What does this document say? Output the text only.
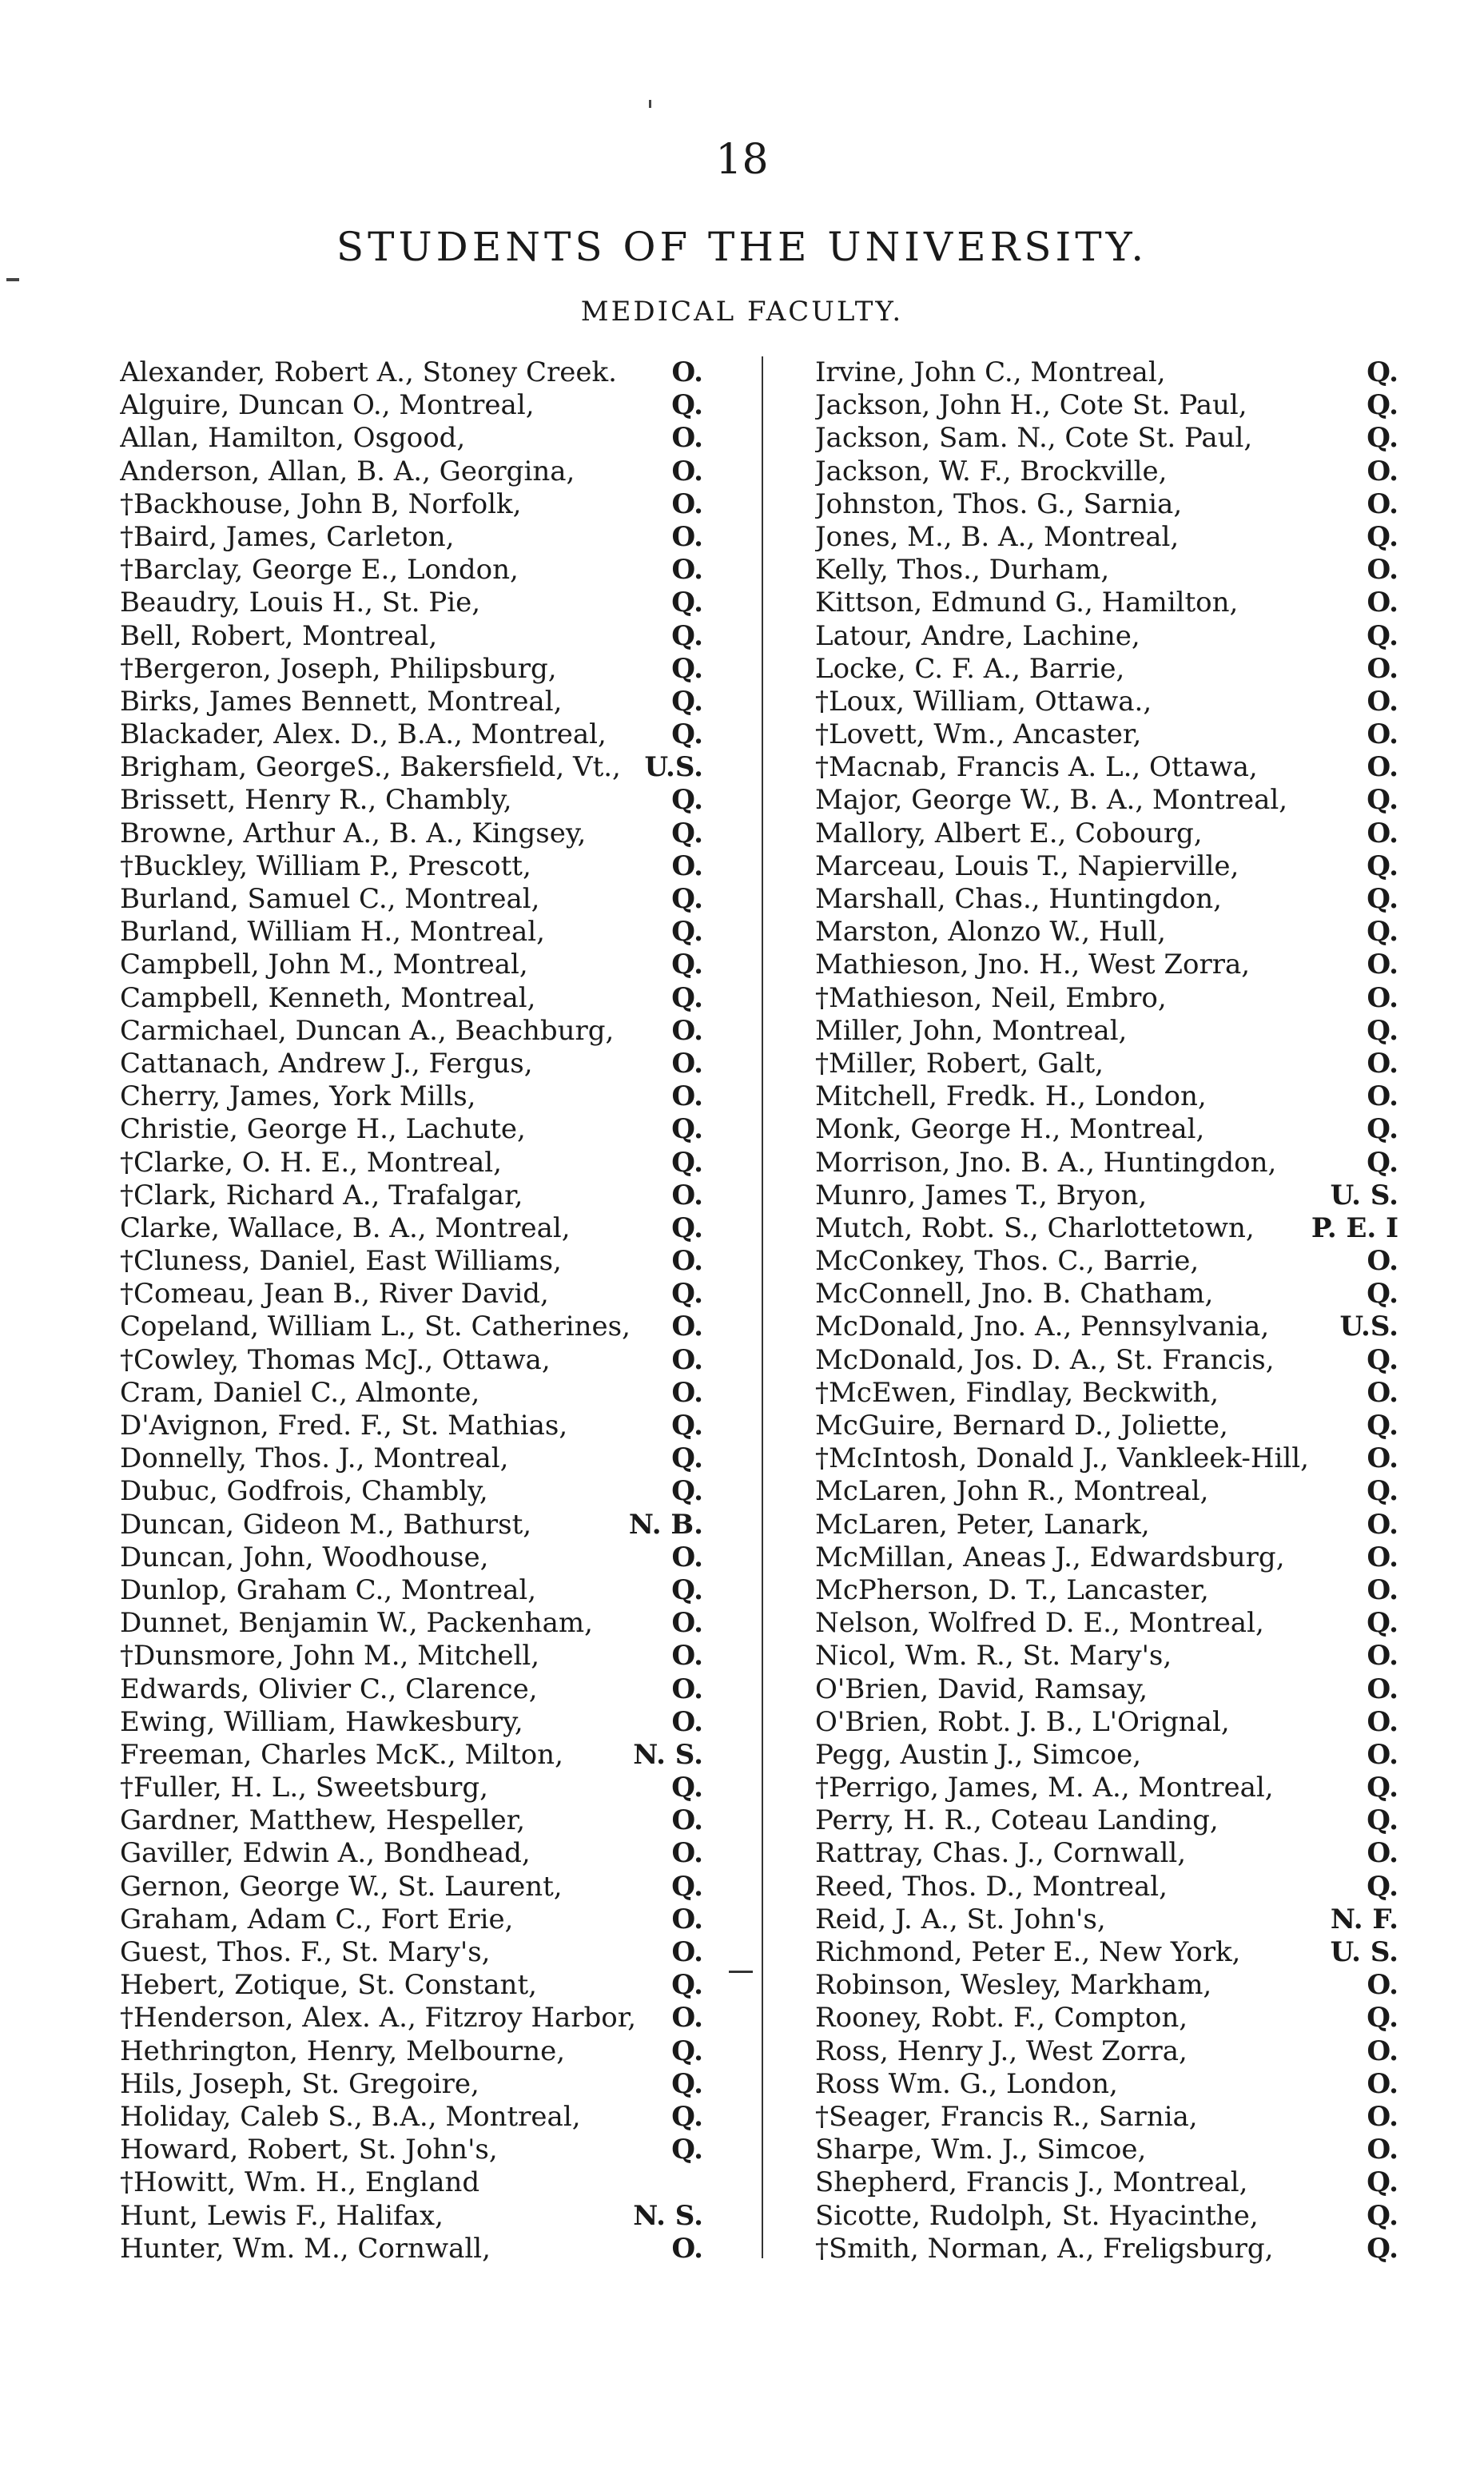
18
STUDENTS OF THE UNIVERSITY.
MEDICAL FACULTY.
Alexander, Robert A., Stoney Creek.	O.
Alguire, Duncan O., Montreal,	Q.
Allan, Hamilton, Osgood,	O.
Anderson, Allan, B. A., Georgina,	O.
†Backhouse, John B, Norfolk,	O.
†Baird, James, Carleton,	O.
†Barclay, George E., London,	O.
Beaudry, Louis H., St. Pie,	Q.
Bell, Robert, Montreal,	Q.
†Bergeron, Joseph, Philipsburg,	Q.
Birks, James Bennett, Montreal,	Q.
Blackader, Alex. D., B.A., Montreal,	Q.
Brigham, GeorgeS., Bakersfield, Vt., U.S.
Brissett, Henry R., Chambly,	Q.
Browne, Arthur A., B. A., Kingsey,	Q.
†Buckley, William P., Prescott,	O.
Burland, Samuel C., Montreal,	Q.
Burland, William H., Montreal,	Q.
Campbell, John M., Montreal,	Q.
Campbell, Kenneth, Montreal,	Q.
Carmichael, Duncan A., Beachburg,	O.
Cattanach, Andrew J., Fergus,	O.
Cherry, James, York Mills,	O.
Christie, George H., Lachute,	Q.
†Clarke, O. H. E., Montreal,	Q.
†Clark, Richard A., Trafalgar,	O.
Clarke, Wallace, B. A., Montreal,	Q.
†Cluness, Daniel, East Williams,	O.
†Comeau, Jean B., River David,	Q.
Copeland, William L., St. Catherines,	O.
†Cowley, Thomas McJ., Ottawa,	O.
Cram, Daniel C., Almonte,	O.
D'Avignon, Fred. F., St. Mathias,	Q.
Donnelly, Thos. J., Montreal,	Q.
Dubuc, Godfrois, Chambly,	Q.
Duncan, Gideon M., Bathurst,	N. B.
Duncan, John, Woodhouse,	O.
Dunlop, Graham C., Montreal,	Q.
Dunnet, Benjamin W., Packenham,	O.
†Dunsmore, John M., Mitchell,	O.
Edwards, Olivier C., Clarence,	O.
Ewing, William, Hawkesbury,	O.
Freeman, Charles McK., Milton,	N. S.
†Fuller, H. L., Sweetsburg,	Q.
Gardner, Matthew, Hespeller,	O.
Gaviller, Edwin A., Bondhead,	O.
Gernon, George W., St. Laurent,	Q.
Graham, Adam C., Fort Erie,	O.
Guest, Thos. F., St. Mary's,	O.
Hebert, Zotique, St. Constant,	Q.
†Henderson, Alex. A., Fitzroy Harbor,	O.
Hethrington, Henry, Melbourne,	Q.
Hils, Joseph, St. Gregoire,	Q.
Holiday, Caleb S., B.A., Montreal,	Q.
Howard, Robert, St. John's,	Q.
†Howitt, Wm. H., England
Hunt, Lewis F., Halifax,	N. S.
Hunter, Wm. M., Cornwall,	O.
Irvine, John C., Montreal,	Q.
Jackson, John H., Cote St. Paul,	Q.
Jackson, Sam. N., Cote St. Paul,	Q.
Jackson, W. F., Brockville,	O.
Johnston, Thos. G., Sarnia,	O.
Jones, M., B. A., Montreal,	Q.
Kelly, Thos., Durham,	O.
Kittson, Edmund G., Hamilton,	O.
Latour, Andre, Lachine,	Q.
Locke, C. F. A., Barrie,	O.
†Loux, William, Ottawa.,	O.
†Lovett, Wm., Ancaster,	O.
†Macnab, Francis A. L., Ottawa,	O.
Major, George W., B. A., Montreal,	Q.
Mallory, Albert E., Cobourg,	O.
Marceau, Louis T., Napierville,	Q.
Marshall, Chas., Huntingdon,	Q.
Marston, Alonzo W., Hull,	Q.
Mathieson, Jno. H., West Zorra,	O.
†Mathieson, Neil, Embro,	O.
Miller, John, Montreal,	Q.
†Miller, Robert, Galt,	O.
Mitchell, Fredk. H., London,	O.
Monk, George H., Montreal,	Q.
Morrison, Jno. B. A., Huntingdon,	Q.
Munro, James T., Bryon,	U. S.
Mutch, Robt. S., Charlottetown,	P. E. I
McConkey, Thos. C., Barrie,	O.
McConnell, Jno. B. Chatham,	Q.
McDonald, Jno. A., Pennsylvania,	U.S.
McDonald, Jos. D. A., St. Francis,	Q.
†McEwen, Findlay, Beckwith,	O.
McGuire, Bernard D., Joliette,	Q.
†McIntosh, Donald J., Vankleek-Hill,	O.
McLaren, John R., Montreal,	Q.
McLaren, Peter, Lanark,	O.
McMillan, Aneas J., Edwardsburg,	O.
McPherson, D. T., Lancaster,	O.
Nelson, Wolfred D. E., Montreal,	Q.
Nicol, Wm. R., St. Mary's,	O.
O'Brien, David, Ramsay,	O.
O'Brien, Robt. J. B., L'Orignal,	O.
Pegg, Austin J., Simcoe,	O.
†Perrigo, James, M. A., Montreal,	Q.
Perry, H. R., Coteau Landing,	Q.
Rattray, Chas. J., Cornwall,	O.
Reed, Thos. D., Montreal,	Q.
Reid, J. A., St. John's,	N. F.
Richmond, Peter E., New York,	U. S.
Robinson, Wesley, Markham,	O.
Rooney, Robt. F., Compton,	Q.
Ross, Henry J., West Zorra,	O.
Ross Wm. G., London,	O.
†Seager, Francis R., Sarnia,	O.
Sharpe, Wm. J., Simcoe,	O.
Shepherd, Francis J., Montreal,	Q.
Sicotte, Rudolph, St. Hyacinthe,	Q.
†Smith, Norman, A., Freligsburg,	Q.
